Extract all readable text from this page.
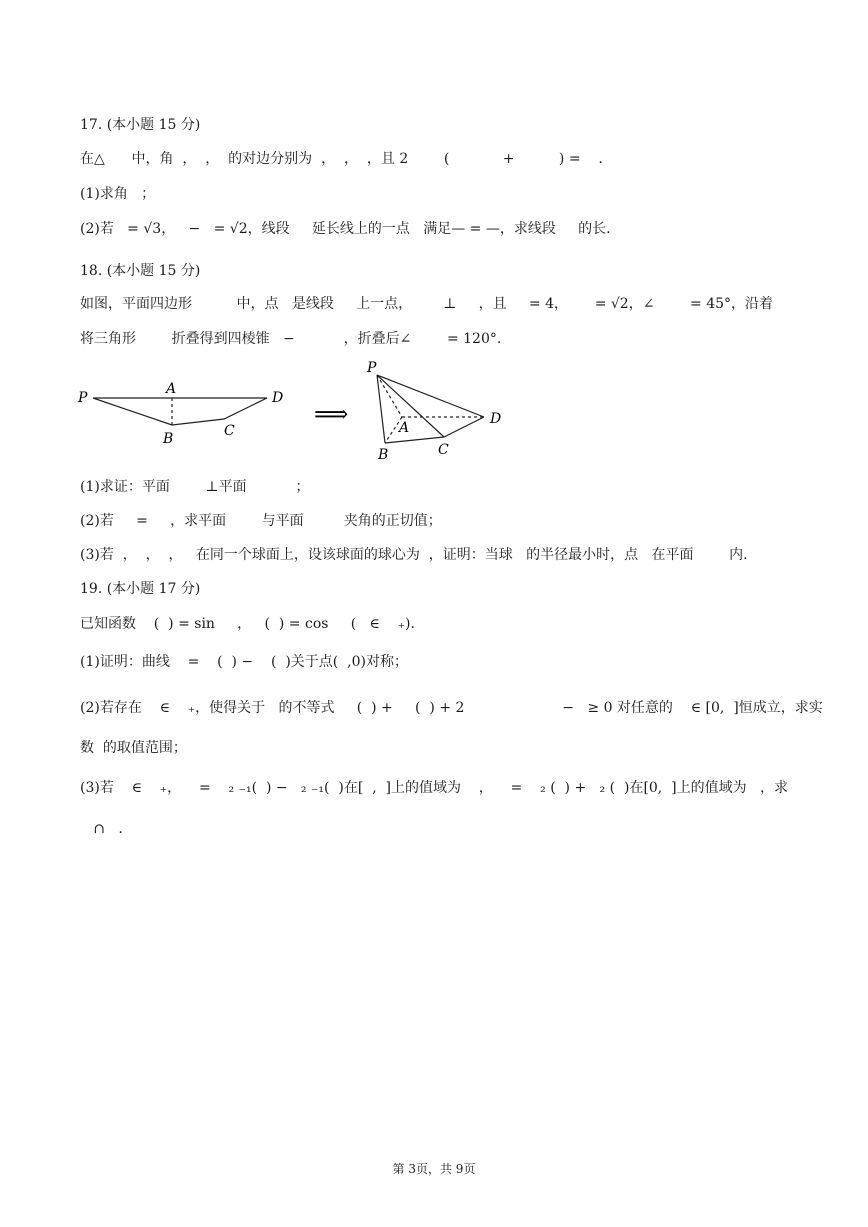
17. (本小题 15 分)
在△      中，角  ，  ，  的对边分别为  ，  ，  ，且 2        (            +          ) =    .
(1)求角   ；
(2)若   = √3，   −   = √2，线段     延长线上的一点   满足— = —，求线段     的长.
18. (本小题 15 分)
如图，平面四边形          中，点   是线段     上一点，       ⊥     ，且     = 4，      = √2，∠        = 45°，沿着
将三角形        折叠得到四棱锥   −           ，折叠后∠        = 120°.
P
A
D
B	C
⟹
P
A
D
B	C
(1)求证：平面        ⊥平面           ；
(2)若     =     ，求平面        与平面         夹角的正切值；
(3)若  ，  ，  ，   在同一个球面上，设该球面的球心为  ，证明：当球   的半径最小时，点   在平面        内.
19. (本小题 17 分)
已知函数    (  ) = sin     ，   (  ) = cos     (   ∈    ₊).
(1)证明：曲线    =    (  ) −    (  )关于点(  ,0)对称；
(2)若存在    ∈    ₊，使得关于   的不等式     (  ) +     (  ) + 2                      −   ≥ 0 对任意的    ∈ [0,  ]恒成立，求实
数  的取值范围；
(3)若    ∈    ₊，    =    ₂ ₋₁(  ) −   ₂ ₋₁(  )在[  ,  ]上的值域为    ，    =    ₂ (  ) +   ₂ (  )在[0,  ]上的值域为   ，求
∩   .
第 3页，共 9页
